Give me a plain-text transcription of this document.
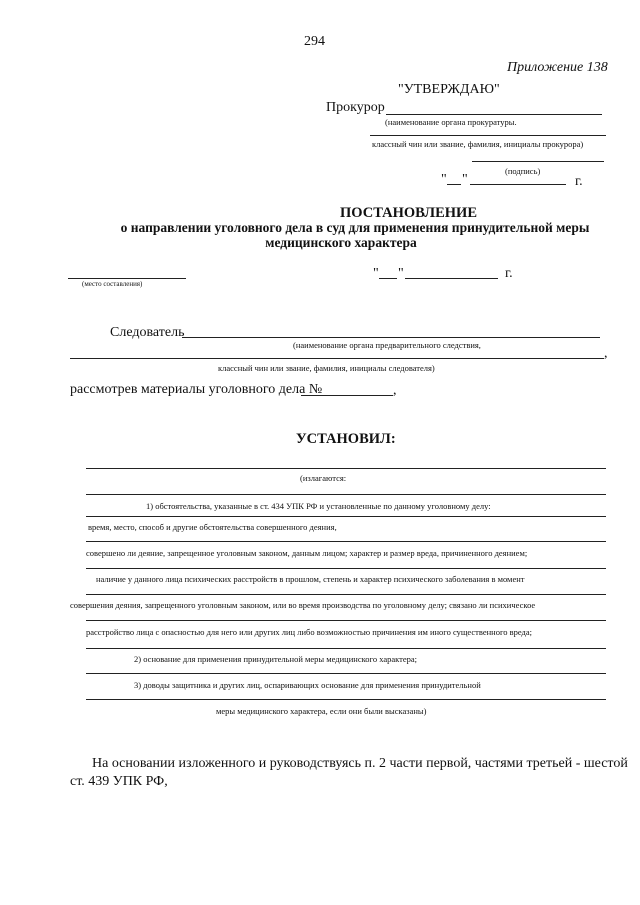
294
Приложение 138
"УТВЕРЖДАЮ"
Прокурор
(наименование органа прокуратуры.
классный чин или звание, фамилия, инициалы прокурора)
(подпись)
" "	г.
ПОСТАНОВЛЕНИЕ
о направлении уголовного дела в суд для применения принудительной меры
медицинского характера
(место составления)
" "	г.
Следователь
(наименование органа предварительного следствия,
,
классный чин или звание, фамилия, инициалы следователя)
рассмотрев материалы уголовного дела №	,
УСТАНОВИЛ:
(излагаются:
1) обстоятельства, указанные в ст. 434 УПК РФ и установленные по данному уголовному делу:
время, место, способ и другие обстоятельства совершенного деяния,
совершено ли деяние, запрещенное уголовным законом, данным лицом; характер и размер вреда, причиненного деянием;
наличие у данного лица психических расстройств в прошлом, степень и характер психического заболевания в момент
совершения деяния, запрещенного уголовным законом, или во время производства по уголовному делу; связано ли психическое
расстройство лица с опасностью для него или других лиц либо возможностью причинения им иного существенного вреда;
2) основание для применения принудительной меры медицинского характера;
3) доводы защитника и других лиц, оспаривающих основание для применения принудительной
меры медицинского характера, если они были высказаны)
На основании изложенного и руководствуясь п. 2 части первой, частями третьей - шестой
ст. 439 УПК РФ,
